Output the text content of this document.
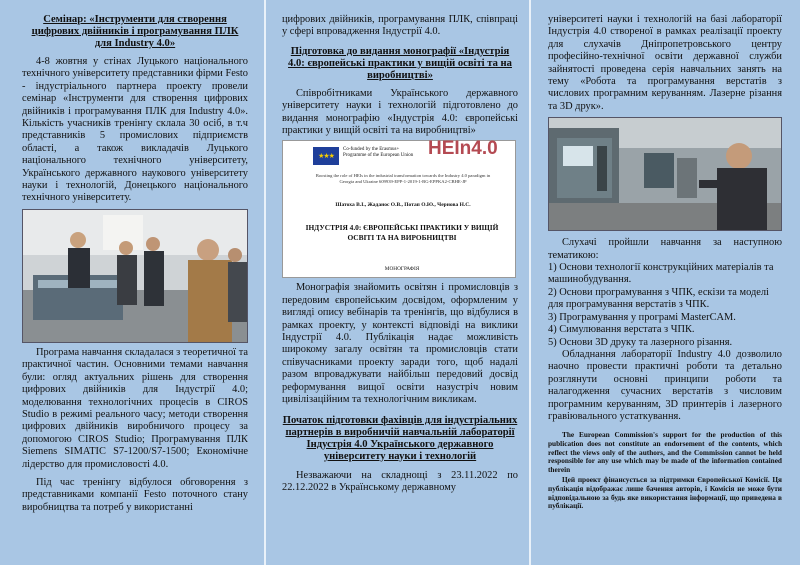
Семінар: «Інструменти для створення цифрових двійників і програмування ПЛК для Industry 4.0»

4-8 жовтня у стінах Луцького національного технічного університету представники фірми Festo - індустріального партнера проекту провели семінар «Інструменти для створення цифрових двійників і програмування ПЛК для Industry 4.0». Кількість учасників тренінгу склала 30 осіб, в т.ч представників 5 промислових підприємств області, а також викладачів Луцького національного технічного університету, Українського державного наукового університету науки і технологій, Донецького національного технічного університету.

Програма навчання складалася з теоретичної та практичної частин. Основними темами навчання були: огляд актуальних рішень для створення цифрових двійників для Індустрії 4.0; моделювання технологічних процесів в CIROS Studio в режимі реального часу; методи створення цифрових двійників виробничого процесу за допомогою CIROS Studio; Програмування ПЛК Siemens SIMATIC S7-1200/S7-1500; Економічне лідерство для промисловості 4.0.

Під час тренінгу відбулося обговорення з представниками компанії Festo поточного стану виробництва та потреб у використанні

цифрових двійників, програмування ПЛК, співпраці у сфері впровадження Індустрії 4.0.

Підготовка до видання монографії «Індустрія 4.0: європейські практики у вищій освіті та на виробництві»

Співробітниками Українського державного університету науки і технологій підготовлено до видання монографію «Індустрія 4.0: європейські практики у вищій освіті та на виробництві»

★★★
Co-funded by the Erasmus+ Programme of the European Union HEIn4.0
Boosting the role of HEIs in the industrial transformation towards the Industry 4.0 paradigm in Georgia and Ukraine 609939-EPP-1-2019-1-BG-EPPKA2-CBHE-JP
Шатохa В.І., Жаданос О.В., Потап О.Ю., Чернова Н.С.
ІНДУСТРІЯ 4.0: ЄВРОПЕЙСЬКІ ПРАКТИКИ У ВИЩІЙ ОСВІТІ ТА НА ВИРОБНИЦТВІ
МОНОГРАФІЯ

Монографія знайомить освітян і промисловців з передовим європейським досвідом, оформленим у вигляді опису вебінарів та тренінгів, що відбулися в рамках проекту, у контексті відповіді на виклики Індустрії 4.0. Публікація надає можливість широкому загалу освітян та промисловців стати співучасниками проекту заради того, щоб надалі разом впроваджувати найбільш передовий досвід реформування вищої освіти назустріч новим цивілізаційним та технологічним викликам.

Початок підготовки фахівців для індустріальних партнерів в виробничій навчальній лабораторії Індустрія 4.0 Українського державного університету науки і технологій

Незважаючи на складнощі з 23.11.2022 по 22.12.2022 в Українському державному

університеті науки і технологій на базі лабораторії Індустрія 4.0 створеної в рамках реалізації проекту для слухачів Дніпропетровського центру професійно-технічної освіти державної служби зайнятості проведена серія навчальних занять на тему «Робота та програмування верстатів з числових програмним керуванням. Лазерне різання та 3D друк».

Слухачі пройшли навчання за наступною тематикою:

1) Основи технології конструкційних матеріалів та машинобудування.
2) Основи програмування з ЧПК, ескізи та моделі для програмування верстатів з ЧПК.
3) Програмування у програмі MasterCAM.
4) Симулювання верстата з ЧПК.
5) Основи 3D друку та лазерного різання.

Обладнання лабораторії Industry 4.0 дозволило наочно провести практичні роботи та детально розглянути основні принципи роботи та налагодження сучасних верстатів з числовим програмним керуванням, 3D принтерів і лазерного гравіювального устаткування.

The European Commission's support for the production of this publication does not constitute an endorsement of the contents, which reflect the views only of the authors, and the Commission cannot be held responsible for any use which may be made of the information contained therein

Цей проект фінансується за підтримки Європейської Комісії. Ця публікація відображає лише бачення авторів, і Комісія не може бути відповідальною за будь яке використання інформації, що приведена в публікації.
